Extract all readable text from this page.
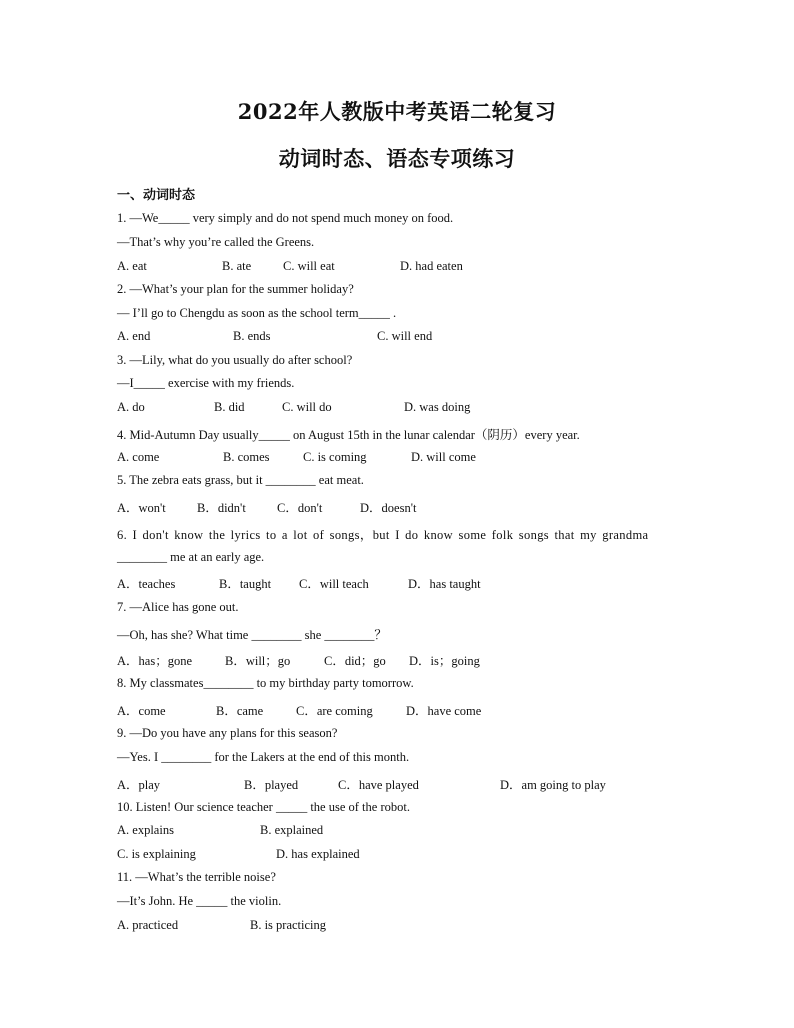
2022年人教版中考英语二轮复习
动词时态、语态专项练习
一、动词时态
1. —We_____ very simply and do not spend much money on food.
—That’s why you’re called the Greens.
A. eat	B. ate	C. will eat	D. had eaten
2. —What’s your plan for the summer holiday?
— I’ll go to Chengdu as soon as the school term_____ .
A. end	B. ends	C. will end
3. —Lily, what do you usually do after school?
—I_____ exercise with my friends.
A. do	B. did	C. will do	D. was doing
4. Mid-Autumn Day usually_____ on August 15th in the lunar calendar（阴历）every year.
A. come	B. comes	C. is coming	D. will come
5. The zebra eats grass, but it ________ eat meat.
A．won't B．didn't C．don't	D．doesn't
6. I don't know the lyrics to a lot of songs，but I do know some folk songs that my grandma
________ me at an early age.
A．teaches	B．taught C．will teach	D．has taught
7. —Alice has gone out.
—Oh, has she? What time ________ she ________？
A．has；gone	B．will；go	C．did；go D．is；going
8. My classmates________ to my birthday party tomorrow.
A．come	B．came	C．are coming	D．have come
9. —Do you have any plans for this season?
—Yes. I ________ for the Lakers at the end of this month.
A．play	B．played	C．have played	D．am going to play
10. Listen! Our science teacher _____ the use of the robot.
A. explains	B. explained
C. is explaining	D. has explained
11. —What’s the terrible noise?
—It’s John. He _____ the violin.
A. practiced	B. is practicing
